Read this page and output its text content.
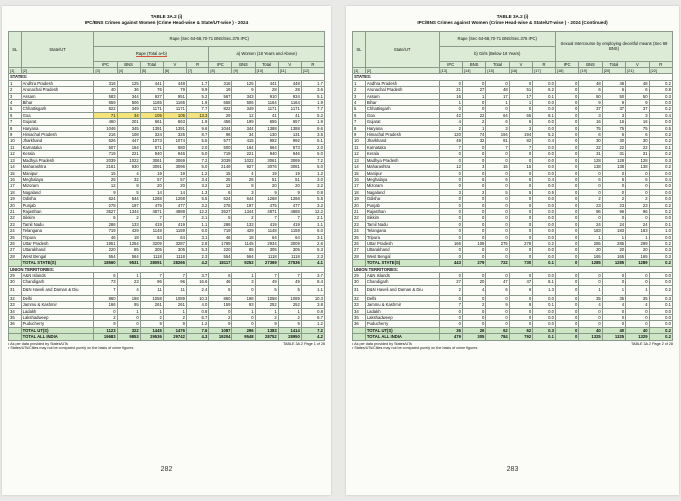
TABLE 3A.2 (i)
IPC/BNS Crimes against Women (Crime Head-wise & State/UT-wise ) - 2024
SL	State/UT	Rape (Sec 64-68,70-71 BNS/Sec.376 IPC)									
		Rape (Total a+b)					a) Women (18 Years and Above)				
		IPC	BNS	Total	V	R	IPC	BNS	Total	V	R
[1]	[2]	[3]	[4]	[5]	[6]	[7]	[8]	[9]	[10]	[11]	[12]
STATES:											
1	Andhra Pradesh	316	125	441	448	1.7	316	125	441	448	1.7
2	Arunachal Pradesh	40	36	76	79	9.9	19	9	28	28	3.6
3	Assam	583	344	927	951	5.2	567	343	910	934	5.1
4	Bihar	659	506	1165	1165	1.9	658	506	1164	1164	1.9
5	Chhattisgarh	822	349	1171	1171	7.7	822	349	1171	1171	7.7
6	Goa	71	34	105	105	13.3	29	12	41	41	5.2
7	Gujarat	460	201	661	663	1.9	456	199	655	657	1.9
8	Haryana	1046	345	1391	1391	9.6	1044	344	1388	1388	9.6
9	Himachal Pradesh	216	108	324	325	8.7	96	34	130	131	3.5
10	Jharkhand	626	447	1073	1074	5.5	577	415	992	992	5.1
11	Karnataka	507	164	671	680	2.0	500	164	664	673	2.0
12	Kerala	719	221	940	946	5.0	719	221	940	946	5.0
13	Madhya Pradesh	2039	1022	3061	3069	7.2	2039	1022	3061	3069	7.2
14	Maharashtra	2161	930	3091	3096	5.0	2149	927	3076	3081	5.0
15	Manipur	15	4	19	19	1.2	15	4	19	19	1.2
16	Meghalaya	25	32	57	57	3.4	25	26	51	51	3.0
17	Mizoram	12	8	20	20	3.2	12	8	20	20	3.2
18	Nagaland	9	5	14	14	1.3	6	3	9	9	0.8
19	Odisha	624	644	1268	1268	5.5	624	644	1268	1268	5.5
20	Punjab	278	197	475	477	3.2	278	197	475	477	3.2
21	Rajasthan	3527	1344	4871	4888	12.2	3527	1344	4871	4888	12.2
22	Sikkim	5	2	7	7	2.1	5	2	7	7	2.1
23	Tamil Nadu	286	133	419	419	1.1	286	133	419	419	1.1
24	Telangana	719	429	1148	1159	6.0	719	429	1148	1159	6.0
25	Tripura	46	18	64	64	3.1	46	18	64	64	3.1
26	Uttar Pradesh	1951	1254	3209	3287	2.8	1789	1145	2934	3009	2.6
27	Uttarakhand	220	85	305	305	5.3	220	85	305	305	5.3
28	West Bengal	554	564	1118	1118	2.3	554	564	1118	1118	2.3
	TOTAL STATE(S)	18560	9531	28091	28266	4.2	18117	9252	27369	27536	4.1
UNION TERRITORIES:											
29	A&N Islands	6	1	7	7	3.7	6	1	7	7	3.7
30	Chandigarh	73	23	96	96	16.6	46	3	49	49	8.4
31	D&N Haveli and Daman & Diu	7	4	11	11	2.4	5	0	5	5	1.1
32	Delhi	860	198	1058	1089	10.3	860	198	1058	1089	10.3
33	Jammu & Kashmir	166	95	261	261	4.0	159	93	252	252	3.8
34	Ladakh	0	1	1	1	0.8	0	1	1	1	0.8
35	Lakshadweep	2	0	2	2	6.7	2	0	2	2	6.7
36	Puducherry	9	0	9	9	1.2	9	0	9	9	1.2
	TOTAL UT(S)	1123	322	1445	1476	7.6	1087	296	1383	1414	7.2
	TOTAL ALL INDIA	19683	9853	29536	29742	4.3	19204	9548	28752	28950	4.2
• As per data provided by States/UTs
• States/UTs/Cities may not be compared purely on the basis of crime figures
TABLE 3A.2 Page 1 of 28
282
TABLE 3A.2 (i)
IPC/BNS Crimes against Women (Crime Head-wise & State/UT-wise ) - 2024 (Continued)
SL	State/UT	Rape (Sec 64-68,70-71 BNS/Sec.376 IPC)					Sexual Intercourse by employing deceitful means (Sec 69 BNS)				
		b) Girls (Below 18 Years)									
		IPC	BNS	Total	V	R	IPC	BNS	Total	V	R
[1]	[2]	[13]	[14]	[15]	[16]	[17]	[18]	[19]	[20]	[21]	[22]
STATES:											
1	Andhra Pradesh	0	0	0	0	0.0	0	48	48	48	0.2
2	Arunachal Pradesh	21	27	48	51	6.2	0	6	6	6	0.8
3	Assam	16	1	17	17	0.1	0	50	50	50	0.3
4	Bihar	1	0	1	1	0.0	0	9	9	9	0.0
5	Chhattisgarh	0	0	0	0	0.0	0	37	37	37	0.2
6	Goa	42	22	64	65	8.1	0	3	3	3	0.4
7	Gujarat	4	2	6	6	0.0	0	16	16	16	0.0
8	Haryana	2	1	3	3	0.0	0	75	75	75	0.5
9	Himachal Pradesh	120	74	194	194	5.2	0	6	6	6	0.2
10	Jharkhand	49	32	81	82	0.4	0	30	30	30	0.2
11	Karnataka	7	0	7	7	0.0	0	22	22	22	0.1
12	Kerala	0	0	0	0	0.0	0	31	31	31	0.2
13	Madhya Pradesh	0	0	0	0	0.0	0	128	128	128	0.3
14	Maharashtra	12	3	15	15	0.0	0	138	138	138	0.2
15	Manipur	0	0	0	0	0.0	0	0	0	0	0.0
16	Meghalaya	0	6	6	6	0.4	0	6	6	6	0.4
17	Mizoram	0	0	0	0	0.0	0	0	0	0	0.0
18	Nagaland	3	2	5	5	0.5	0	0	0	0	0.0
19	Odisha	0	0	0	0	0.0	0	2	2	2	0.0
20	Punjab	0	0	0	0	0.0	0	23	23	23	0.2
21	Rajasthan	0	0	0	0	0.0	0	96	96	96	0.2
22	Sikkim	0	0	0	0	0.0	0	0	0	0	0.0
23	Tamil Nadu	0	0	0	0	0.0	0	24	24	24	0.1
24	Telangana	0	0	0	0	0.0	0	183	183	183	1.0
25	Tripura	0	0	0	0	0.0	0	1	1	1	0.0
26	Uttar Pradesh	166	109	275	278	0.2	0	285	285	289	0.2
27	Uttarakhand	0	0	0	0	0.0	0	20	20	20	0.3
28	West Bengal	0	0	0	0	0.0	0	165	165	165	0.3
	TOTAL STATE(S)	443	279	722	730	0.1	0	1285	1285	1289	0.2
UNION TERRITORIES:											
29	A&N Islands	0	0	0	0	0.0	0	0	0	0	0.0
30	Chandigarh	27	20	47	47	8.1	0	0	0	0	0.0
31	D&N Haveli and Daman & Diu	2	4	6	6	1.3	0	1	1	1	0.2
32	Delhi	0	0	0	0	0.0	0	35	35	35	0.3
33	Jammu & Kashmir	7	2	9	9	0.1	0	4	4	4	0.1
34	Ladakh	0	0	0	0	0.0	0	0	0	0	0.0
35	Lakshadweep	0	0	0	0	0.0	0	0	0	0	0.0
36	Puducherry	0	0	0	0	0.0	0	0	0	0	0.0
	TOTAL UT(S)	36	26	62	62	0.3	0	40	40	40	0.2
	TOTAL ALL INDIA	479	305	784	792	0.1	0	1325	1325	1329	0.2
• As per data provided by States/UTs
• States/UTs/Cities may not be compared purely on the basis of crime figures
TABLE 3A.2 Page 2 of 28
283
